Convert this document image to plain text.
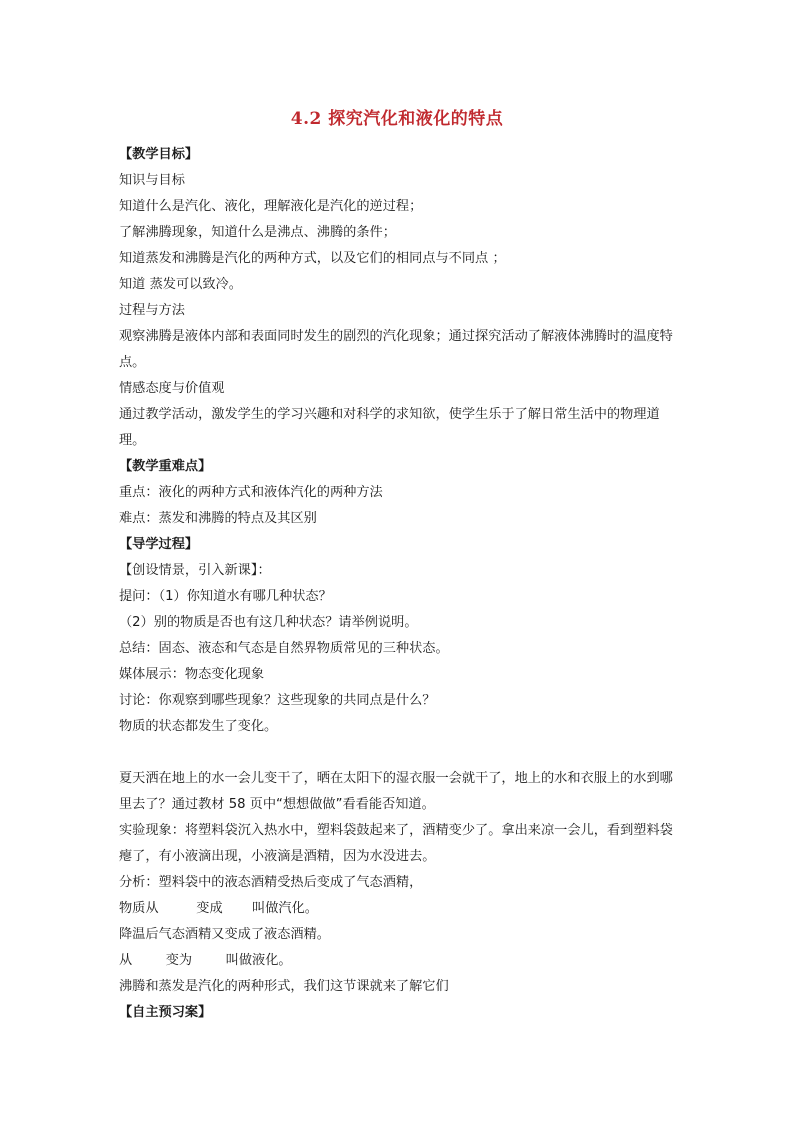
4.2 探究汽化和液化的特点
【教学目标】
知识与目标
知道什么是汽化、液化，理解液化是汽化的逆过程；
了解沸腾现象，知道什么是沸点、沸腾的条件；
知道蒸发和沸腾是汽化的两种方式，以及它们的相同点与不同点 ；
知道 蒸发可以致冷。
过程与方法
观察沸腾是液体内部和表面同时发生的剧烈的汽化现象；通过探究活动了解液体沸腾时的温度特点。
情感态度与价值观
通过教学活动，激发学生的学习兴趣和对科学的求知欲，使学生乐于了解日常生活中的物理道理。
【教学重难点】
重点：液化的两种方式和液体汽化的两种方法
难点：蒸发和沸腾的特点及其区别
【导学过程】
【创设情景，引入新课】：
提问：（1）你知道水有哪几种状态？
（2）别的物质是否也有这几种状态？请举例说明。
总结：固态、液态和气态是自然界物质常见的三种状态。
媒体展示：物态变化现象
讨论：你观察到哪些现象？这些现象的共同点是什么？
物质的状态都发生了变化。
夏天洒在地上的水一会儿变干了，晒在太阳下的湿衣服一会就干了，地上的水和衣服上的水到哪里去了？通过教材 58 页中“想想做做”看看能否知道。
实验现象：将塑料袋沉入热水中，塑料袋鼓起来了，酒精变少了。拿出来凉一会儿，看到塑料袋瘪了，有小液滴出现，小液滴是酒精，因为水没进去。
分析：塑料袋中的液态酒精受热后变成了气态酒精，
物质从         变成       叫做汽化。
降温后气态酒精又变成了液态酒精。
从        变为        叫做液化。
沸腾和蒸发是汽化的两种形式，我们这节课就来了解它们
【自主预习案】
